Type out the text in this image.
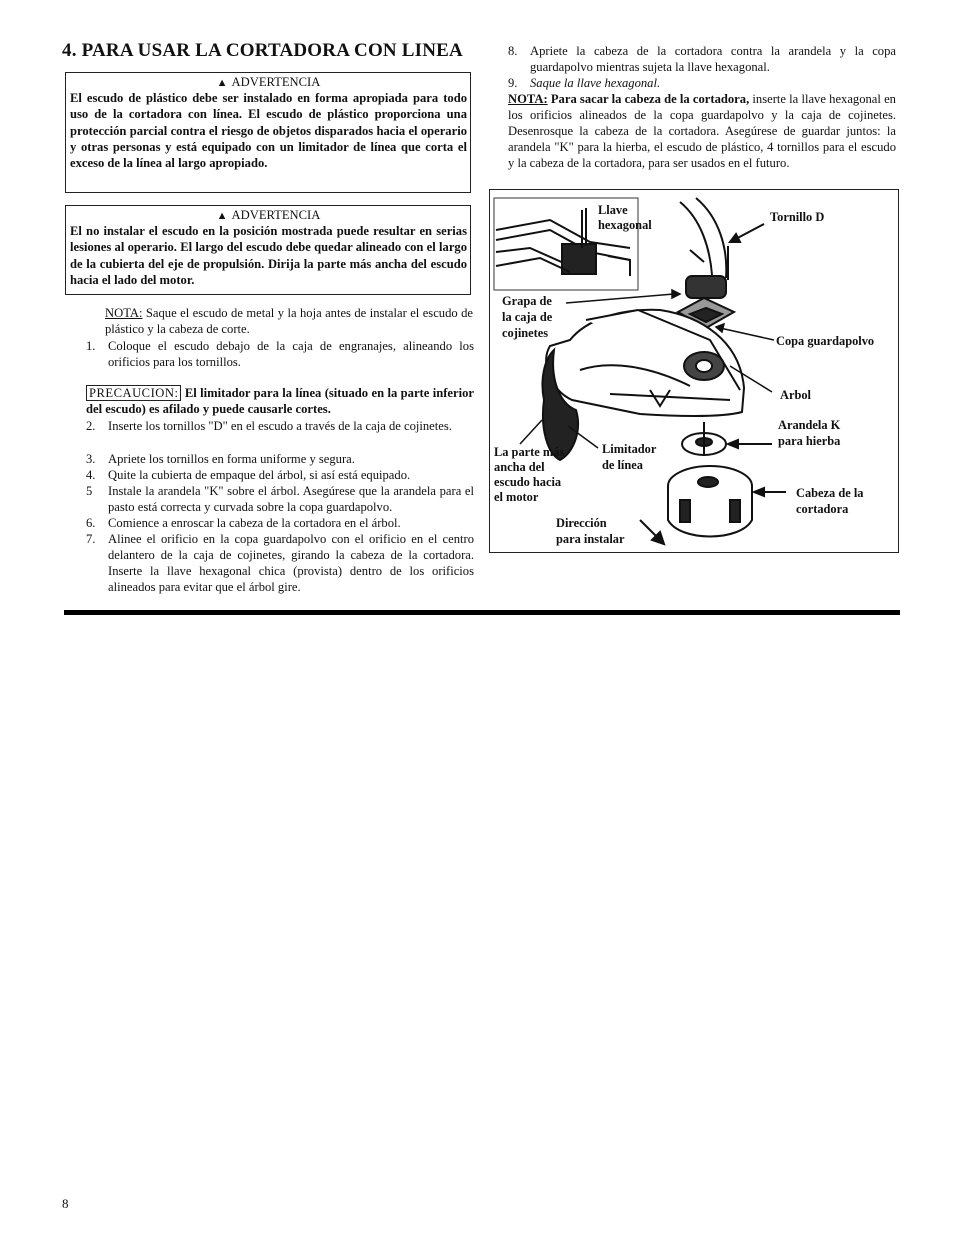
4. PARA USAR LA CORTADORA CON LINEA
▲ ADVERTENCIA
El escudo de plástico debe ser instalado en forma apropiada para todo uso de la cortadora con línea. El escudo de plástico proporciona una protección parcial contra el riesgo de objetos disparados hacia el operario y otras personas y está equipado con un limitador de línea que corta el exceso de la línea al largo apropiado.
▲ ADVERTENCIA
El no instalar el escudo en la posición mostrada puede resultar en serias lesiones al operario. El largo del escudo debe quedar alineado con el largo de la cubierta del eje de propulsión. Dirija la parte más ancha del escudo hacia el lado del motor.
NOTA: Saque el escudo de metal y la hoja antes de instalar el escudo de plástico y la cabeza de corte.
1. Coloque el escudo debajo de la caja de engranajes, alineando los orificios para los tornillos.
PRECAUCION: El limitador para la línea (situado en la parte inferior del escudo) es afilado y puede causarle cortes.
2. Inserte los tornillos "D" en el escudo a través de la caja de cojinetes.
3. Apriete los tornillos en forma uniforme y segura.
4. Quite la cubierta de empaque del árbol, si así está equipado.
5 Instale la arandela "K" sobre el árbol. Asegúrese que la arandela para el pasto está correcta y curvada sobre la copa guardapolvo.
6. Comience a enroscar la cabeza de la cortadora en el árbol.
7. Alinee el orificio en la copa guardapolvo con el orificio en el centro delantero de la caja de cojinetes, girando la cabeza de la cortadora. Inserte la llave hexagonal chica (provista) dentro de los orificios alineados para evitar que el árbol gire.
8. Apriete la cabeza de la cortadora contra la arandela y la copa guardapolvo mientras sujeta la llave hexagonal.
9. Saque la llave hexagonal.
NOTA: Para sacar la cabeza de la cortadora, inserte la llave hexagonal en los orificios alineados de la copa guardapolvo y la caja de cojinetes. Desenrosque la cabeza de la cortadora. Asegúrese de guardar juntos: la arandela "K" para la hierba, el escudo de plástico, 4 tornillos para el escudo y la cabeza de la cortadora, para ser usados en el futuro.
Llave
hexagonal
Tornillo D
Grapa de
la caja de
cojinetes
Copa guardapolvo
Arbol
Arandela K
para hierba
La parte más
ancha del
escudo hacia
el motor
Limitador
de línea
Cabeza de la
cortadora
Dirección
para instalar
8
